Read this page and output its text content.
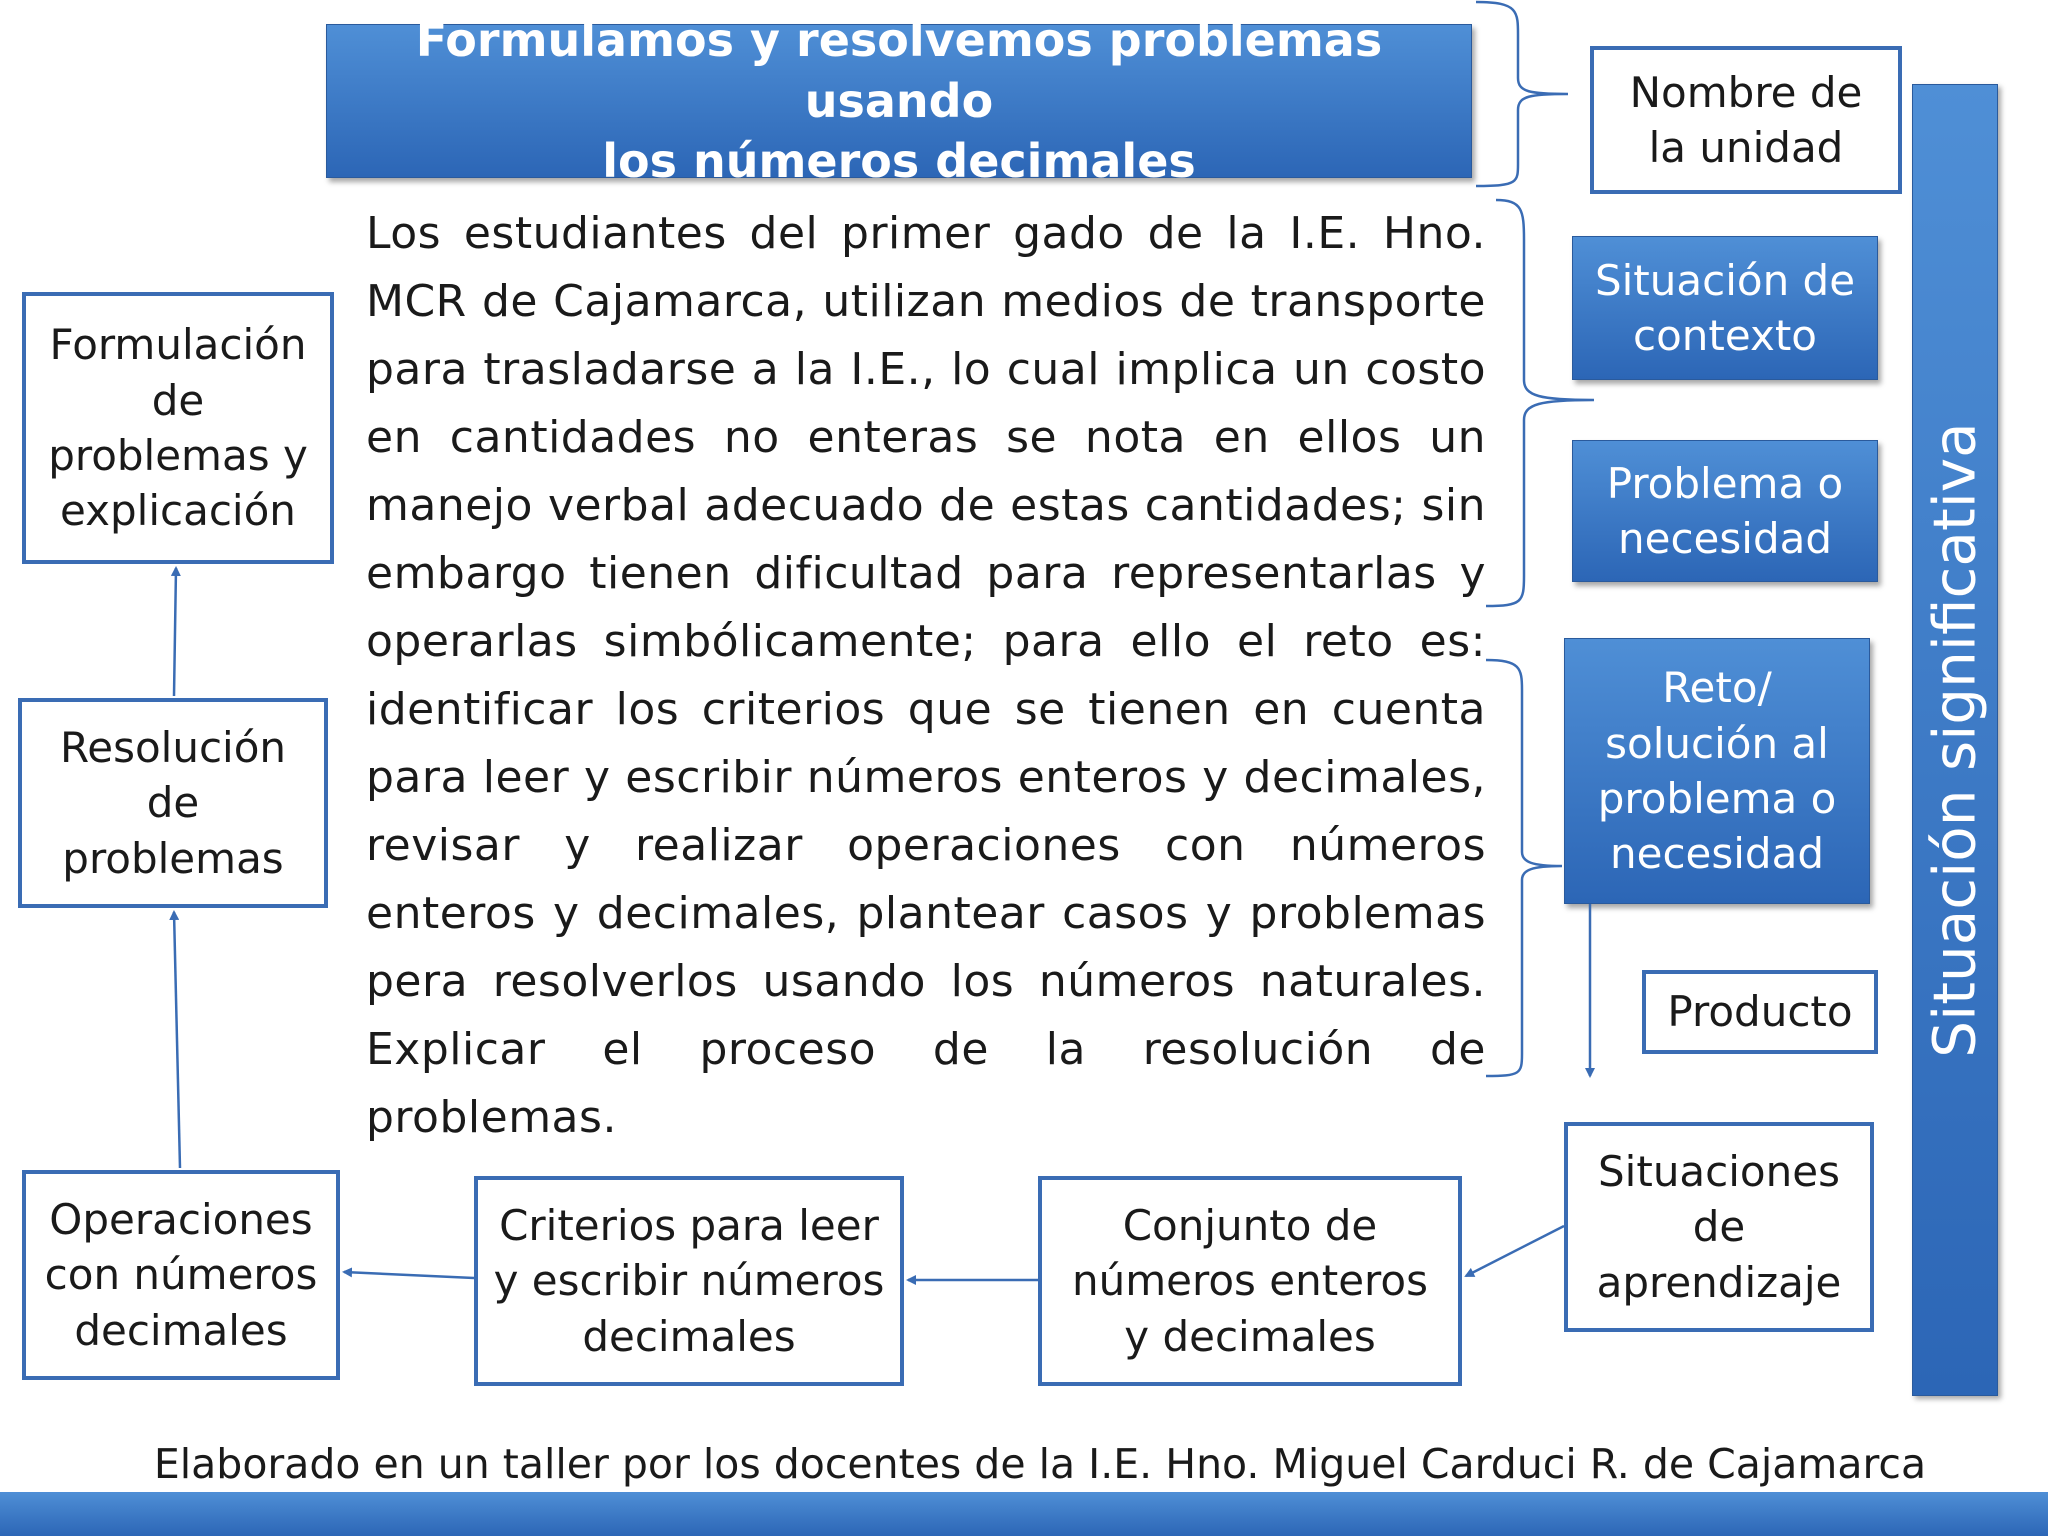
Formulamos y resolvemos problemas usando
los números decimales
Los estudiantes del primer gado de la I.E. Hno. MCR de Cajamarca, utilizan medios de transporte para trasladarse a la I.E., lo cual implica un costo en cantidades no enteras se nota en ellos un manejo verbal adecuado de estas cantidades; sin embargo tienen dificultad para representarlas y operarlas simbólicamente; para ello el reto es: identificar los criterios que se tienen en cuenta para leer y escribir números enteros y decimales, revisar y realizar operaciones con números enteros y decimales, plantear casos y problemas pera resolverlos usando los números naturales. Explicar el proceso de la resolución de problemas.
Nombre de
la unidad
Situación de
contexto
Problema o
necesidad
Reto/
solución al
problema o
necesidad
Producto Situación significativa
Situaciones
de
aprendizaje
Conjunto de
números enteros
y decimales
Criterios para leer
y escribir números
decimales
Operaciones
con números
decimales
Resolución
de
problemas
Formulación
de
problemas y
explicación
Elaborado en un taller por los docentes de la I.E. Hno. Miguel Carduci R. de Cajamarca
